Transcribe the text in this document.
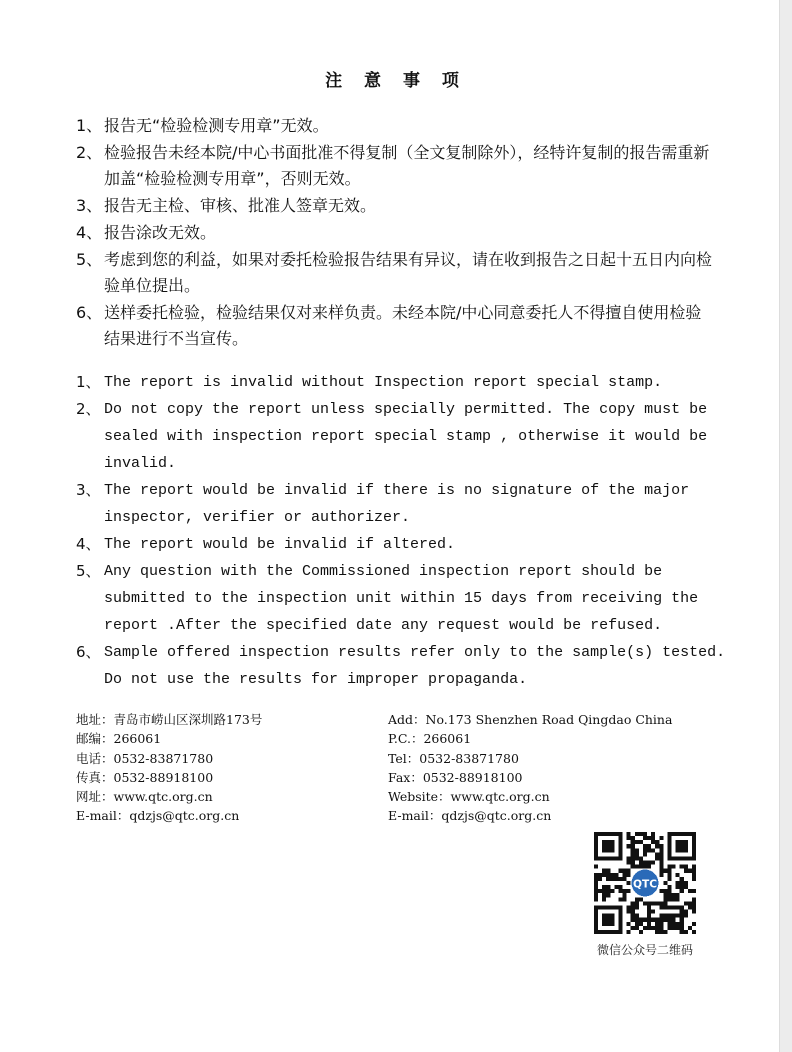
注 意 事 项
1、 报告无“检验检测专用章”无效。
2、 检验报告未经本院/中心书面批准不得复制（全文复制除外），经特许复制的报告需重新加盖“检验检测专用章”，否则无效。
3、 报告无主检、审核、批准人签章无效。
4、 报告涂改无效。
5、 考虑到您的利益，如果对委托检验报告结果有异议，请在收到报告之日起十五日内向检验单位提出。
6、 送样委托检验，检验结果仅对来样负责。未经本院/中心同意委托人不得擅自使用检验结果进行不当宣传。
1、 The report is invalid without Inspection report special stamp.
2、 Do not copy the report unless specially permitted. The copy must be sealed with inspection report special stamp , otherwise it would be invalid.
3、 The report would be invalid if there is no signature of the major inspector, verifier or authorizer.
4、 The report would be invalid if altered.
5、 Any question with the Commissioned inspection report should be submitted to the inspection unit within 15 days from receiving the report .After the specified date any request would be refused.
6、 Sample offered inspection results refer only to the sample(s) tested. Do not use the results for improper propaganda.
地址：青岛市崂山区深圳路173号
邮编：266061
电话：0532-83871780
传真：0532-88918100
网址：www.qtc.org.cn
E-mail：qdzjs@qtc.org.cn
Add：No.173 Shenzhen Road Qingdao China
P.C.：266061
Tel：0532-83871780
Fax：0532-88918100
Website：www.qtc.org.cn
E-mail：qdzjs@qtc.org.cn
QTC
微信公众号二维码
